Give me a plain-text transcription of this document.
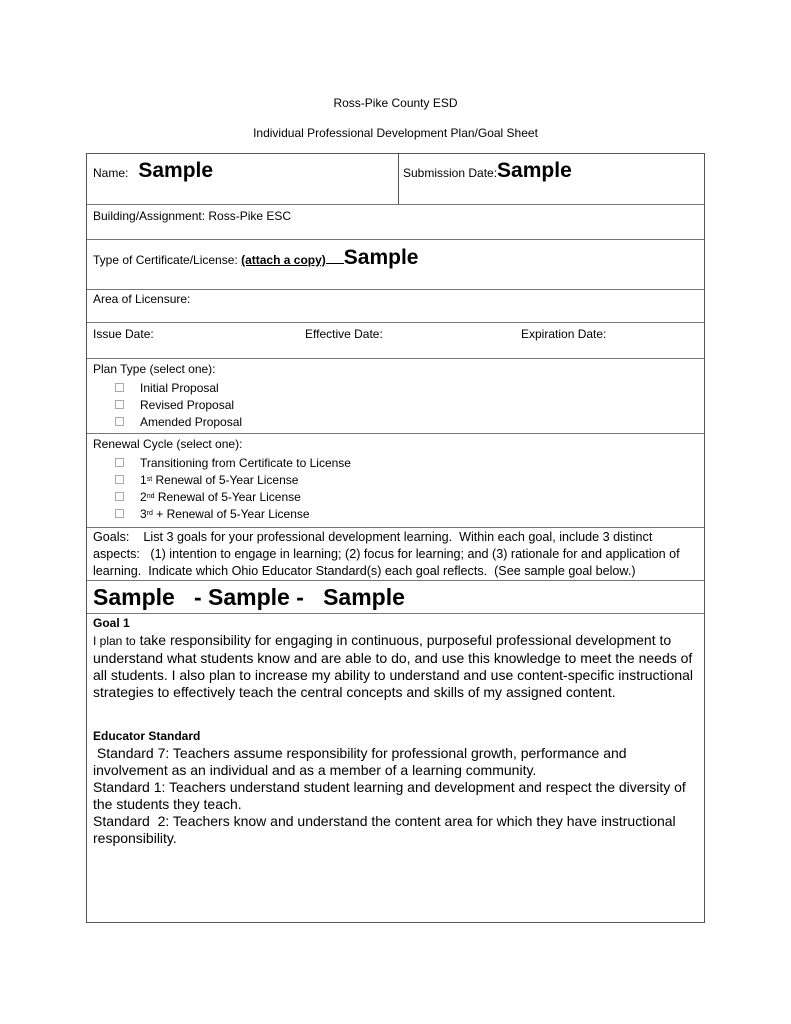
Ross-Pike County ESD
Individual Professional Development Plan/Goal Sheet
Name: Sample	Submission Date:Sample
Building/Assignment: Ross-Pike ESC
Type of Certificate/License: (attach a copy) Sample
Area of Licensure:
Issue Date:	Effective Date:	Expiration Date:
Plan Type (select one):
Initial Proposal
Revised Proposal
Amended Proposal
Renewal Cycle (select one):
Transitioning from Certificate to License
1 st Renewal of 5-Year License
2 nd Renewal of 5-Year License
3 rd + Renewal of 5-Year License
Goals:    List 3 goals for your professional development learning.  Within each goal, include 3 distinct aspects:   (1) intention to engage in learning; (2) focus for learning; and (3) rationale for and application of learning.  Indicate which Ohio Educator Standard(s) each goal reflects.  (See sample goal below.)
Sample   - Sample -   Sample
Goal 1
I plan to take responsibility for engaging in continuous, purposeful professional development to understand what students know and are able to do, and use this knowledge to meet the needs of all students. I also plan to increase my ability to understand and use content-specific instructional strategies to effectively teach the central concepts and skills of my assigned content.
Educator Standard
Standard 7: Teachers assume responsibility for professional growth, performance and involvement as an individual and as a member of a learning community.
Standard 1: Teachers understand student learning and development and respect the diversity of the students they teach.
Standard  2: Teachers know and understand the content area for which they have instructional responsibility.
